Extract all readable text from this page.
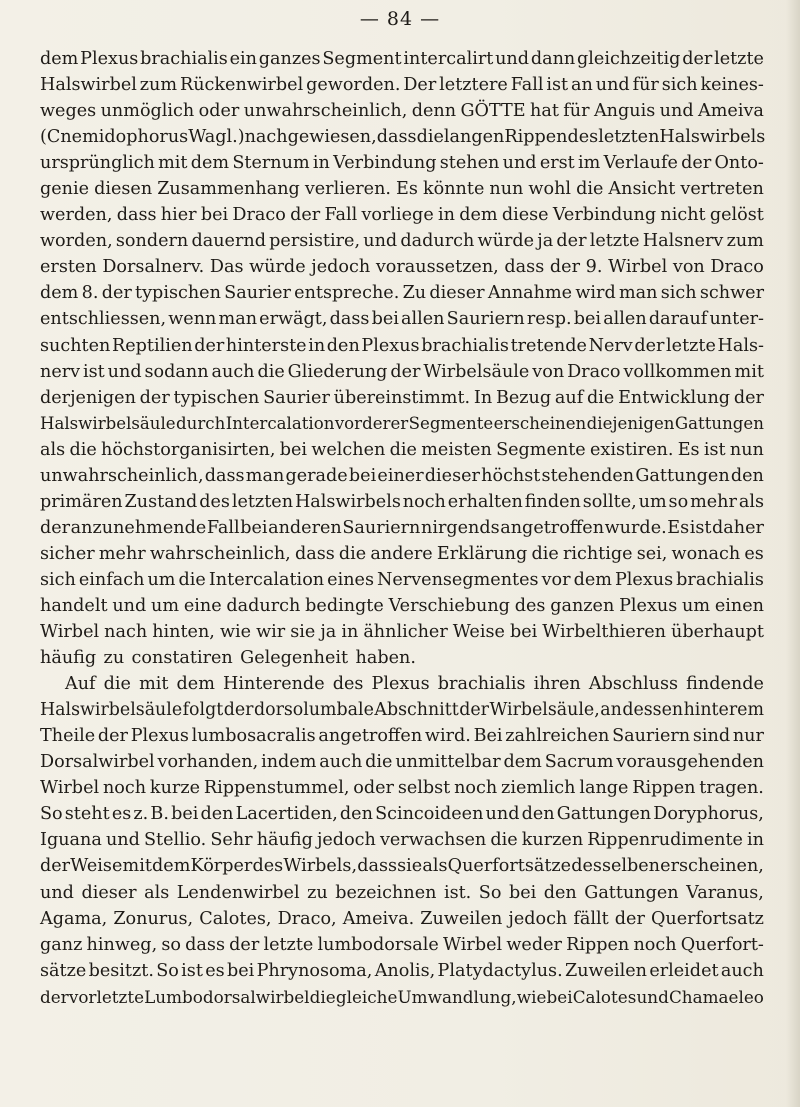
— 84 —

dem Plexus brachialis ein ganzes Segment intercalirt und dann gleichzeitig der letzte
Halswirbel zum Rückenwirbel geworden. Der letztere Fall ist an und für sich keines-
weges unmöglich oder unwahrscheinlich, denn GÖTTE hat für Anguis und Ameiva
(Cnemidophorus Wagl.) nachgewiesen, dass die langen Rippen des letzten Halswirbels
ursprünglich mit dem Sternum in Verbindung stehen und erst im Verlaufe der Onto-
genie diesen Zusammenhang verlieren. Es könnte nun wohl die Ansicht vertreten
werden, dass hier bei Draco der Fall vorliege in dem diese Verbindung nicht gelöst
worden, sondern dauernd persistire, und dadurch würde ja der letzte Halsnerv zum
ersten Dorsalnerv. Das würde jedoch voraussetzen, dass der 9. Wirbel von Draco
dem 8. der typischen Saurier entspreche. Zu dieser Annahme wird man sich schwer
entschliessen, wenn man erwägt, dass bei allen Sauriern resp. bei allen darauf unter-
suchten Reptilien der hinterste in den Plexus brachialis tretende Nerv der letzte Hals-
nerv ist und sodann auch die Gliederung der Wirbelsäule von Draco vollkommen mit
derjenigen der typischen Saurier übereinstimmt. In Bezug auf die Entwicklung der
Halswirbelsäule durch Intercalation vorderer Segmente erscheinen diejenigen Gattungen
als die höchstorganisirten, bei welchen die meisten Segmente existiren. Es ist nun
unwahrscheinlich, dass man gerade bei einer dieser höchst stehenden Gattungen den
primären Zustand des letzten Halswirbels noch erhalten finden sollte, um so mehr als
der anzunehmende Fall bei anderen Sauriern nirgends angetroffen wurde. Es ist daher
sicher mehr wahrscheinlich, dass die andere Erklärung die richtige sei, wonach es
sich einfach um die Intercalation eines Nervensegmentes vor dem Plexus brachialis
handelt und um eine dadurch bedingte Verschiebung des ganzen Plexus um einen
Wirbel nach hinten, wie wir sie ja in ähnlicher Weise bei Wirbelthieren überhaupt
häufig zu constatiren Gelegenheit haben.
Auf die mit dem Hinterende des Plexus brachialis ihren Abschluss findende
Halswirbelsäule folgt der dorsolumbale Abschnitt der Wirbelsäule, an dessen hinterem
Theile der Plexus lumbosacralis angetroffen wird. Bei zahlreichen Sauriern sind nur
Dorsalwirbel vorhanden, indem auch die unmittelbar dem Sacrum vorausgehenden
Wirbel noch kurze Rippenstummel, oder selbst noch ziemlich lange Rippen tragen.
So steht es z. B. bei den Lacertiden, den Scincoideen und den Gattungen Doryphorus,
Iguana und Stellio. Sehr häufig jedoch verwachsen die kurzen Rippenrudimente in
der Weise mit dem Körper des Wirbels, dass sie als Querfortsätze desselben erscheinen,
und dieser als Lendenwirbel zu bezeichnen ist. So bei den Gattungen Varanus,
Agama, Zonurus, Calotes, Draco, Ameiva. Zuweilen jedoch fällt der Querfortsatz
ganz hinweg, so dass der letzte lumbodorsale Wirbel weder Rippen noch Querfort-
sätze besitzt. So ist es bei Phrynosoma, Anolis, Platydactylus. Zuweilen erleidet auch
der vorletzte Lumbodorsalwirbel die gleiche Umwandlung, wie bei Calotes und Chamaeleo
